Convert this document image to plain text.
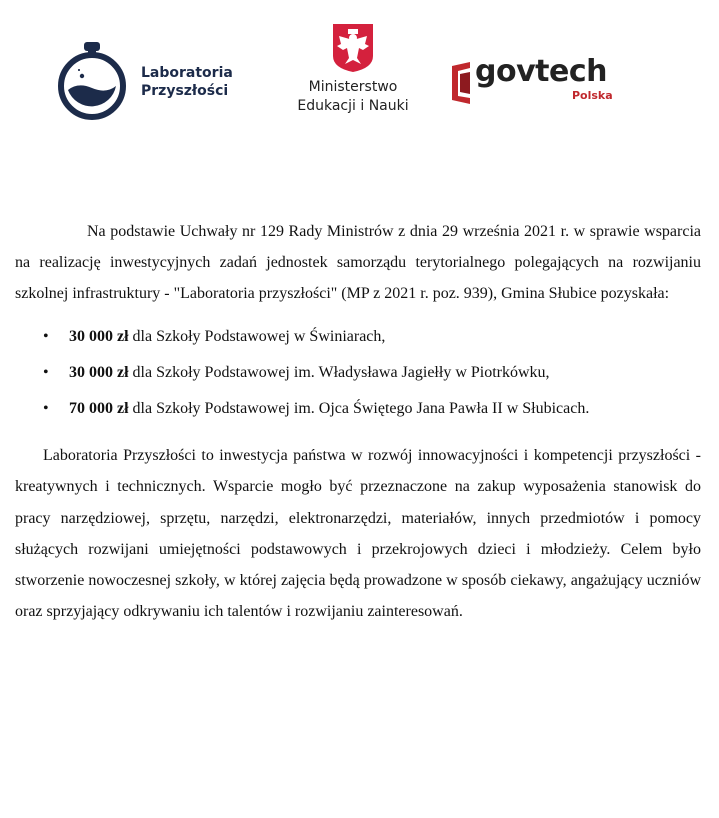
Laboratoria
Przyszłości	Ministerstwo
Edukacji i Nauki
govtech
Polska

Na podstawie Uchwały nr 129 Rady Ministrów z dnia 29 września 2021 r. w sprawie wsparcia na realizację inwestycyjnych zadań jednostek samorządu terytorialnego polegających na rozwijaniu szkolnej infrastruktury - "Laboratoria przyszłości" (MP z 2021 r. poz. 939), Gmina Słubice pozyskała:

• 30 000 zł dla Szkoły Podstawowej w Świniarach,
• 30 000 zł dla Szkoły Podstawowej im. Władysława Jagiełły w Piotrkówku,
• 70 000 zł dla Szkoły Podstawowej im. Ojca Świętego Jana Pawła II w Słubicach.

Laboratoria Przyszłości to inwestycja państwa w rozwój innowacyjności i kompetencji przyszłości - kreatywnych i technicznych. Wsparcie mogło być przeznaczone na zakup wyposażenia stanowisk do pracy narzędziowej, sprzętu, narzędzi, elektronarzędzi, materiałów, innych przedmiotów i pomocy służących rozwijani umiejętności podstawowych i przekrojowych dzieci i młodzieży. Celem było stworzenie nowoczesnej szkoły, w której zajęcia będą prowadzone w sposób ciekawy, angażujący uczniów oraz sprzyjający odkrywaniu ich talentów i rozwijaniu zainteresowań.
